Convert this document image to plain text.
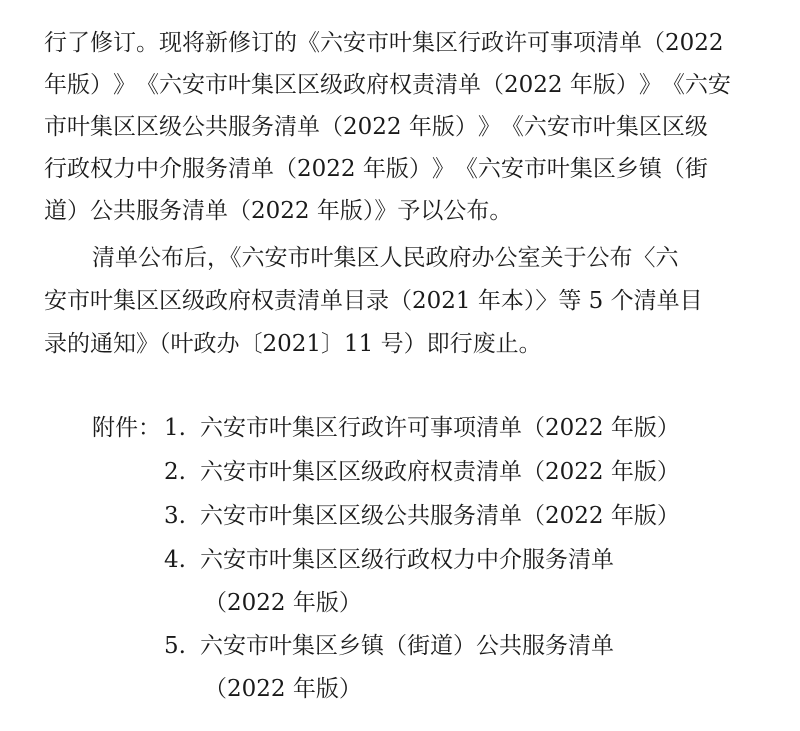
行 了 修 订 。 现 将 新 修 订 的 《 六 安 市 叶 集 区 行 政 许 可 事 项 清 单 （ 2 0 2 2
年 版 ） 》 《 六 安 市 叶 集 区 区 级 政 府 权 责 清 单 （ 2 0 2 2
年 版 ） 》 《 六 安
市 叶 集 区 区 级 公 共 服 务 清 单 （ 2 0 2 2
年 版 ） 》 《 六 安 市 叶 集 区 区 级
行 政 权 力 中 介 服 务 清 单 （ 2 0 2 2
年 版 ） 》 《 六 安 市 叶 集 区 乡 镇 （ 街
道）公共服务清单（2022 年版）》予以公布。
清单公布后，《六安市叶集区人民政府办公室关于公布〈六
安市叶集区区级政府权责清单目录（2021 年本）〉等 5 个清单目
录的通知》（叶政办〔2021〕11 号）即行废止。
附件： 1. 六安市叶集区行政许可事项清单（2022 年版）
2. 六安市叶集区区级政府权责清单（2022 年版）
3. 六安市叶集区区级公共服务清单（2022 年版）
4. 六安市叶集区区级行政权力中介服务清单
（2022 年版）
5. 六安市叶集区乡镇（街道）公共服务清单
（2022 年版）
